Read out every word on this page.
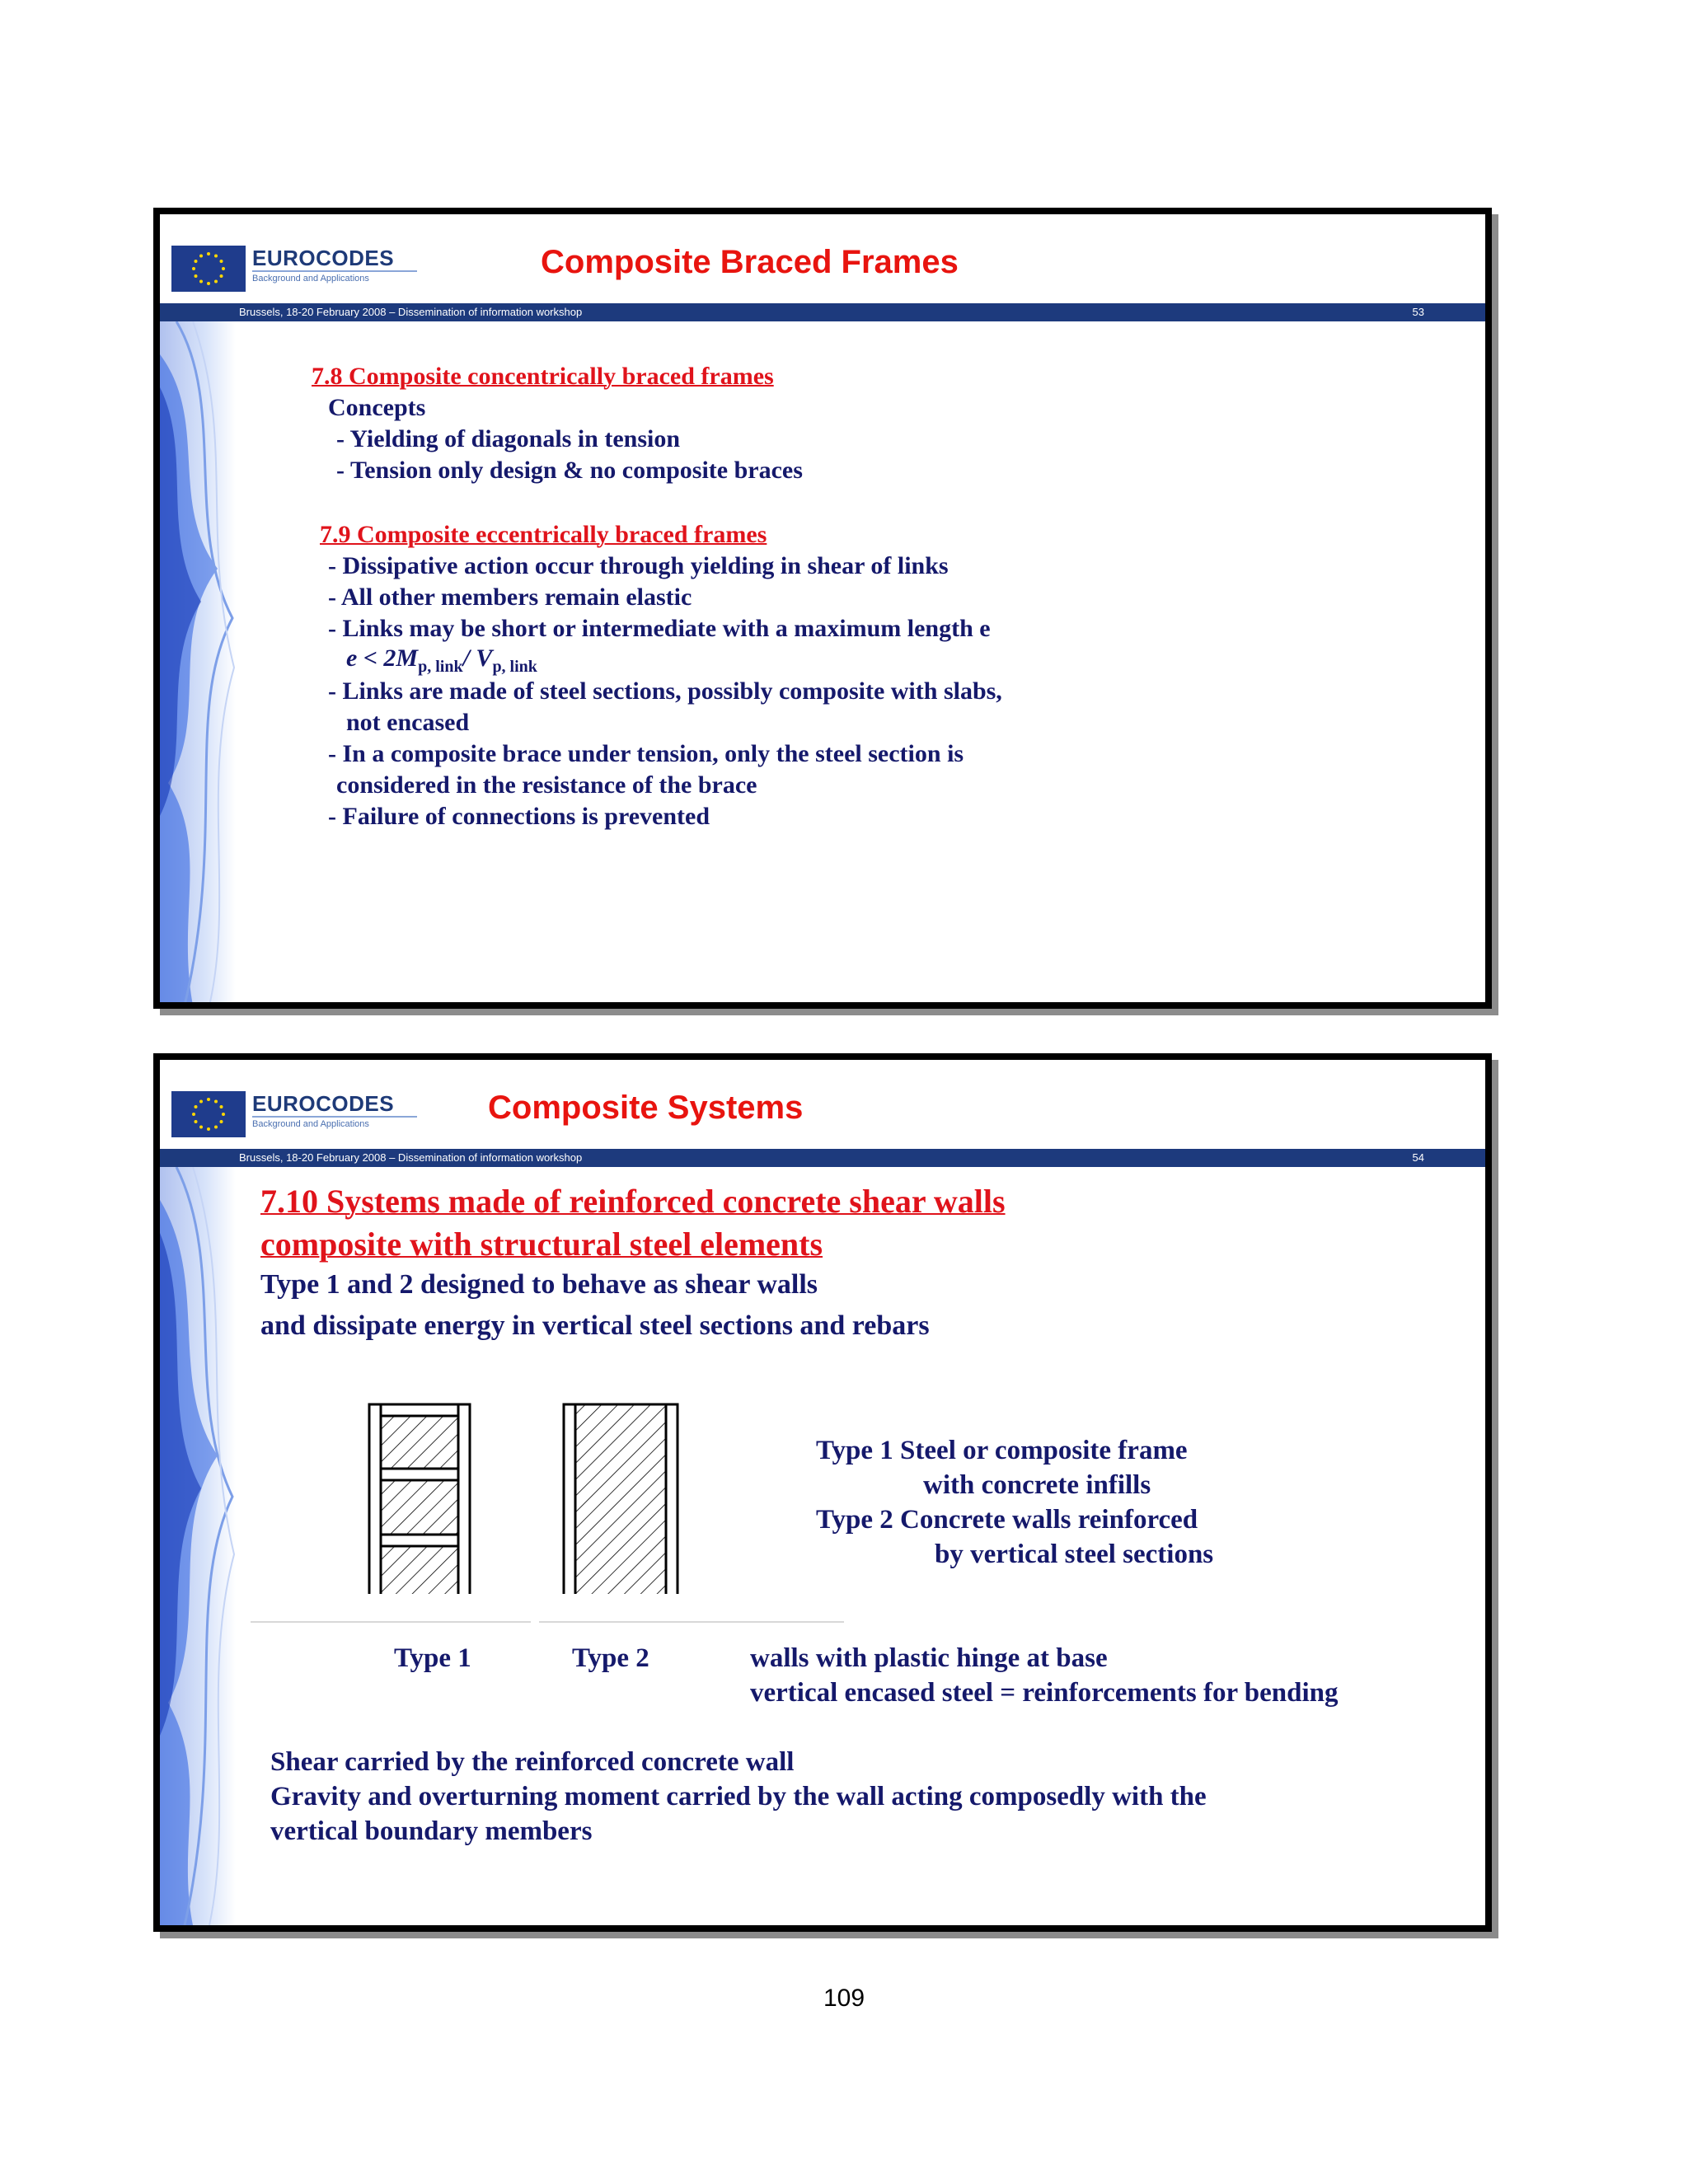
EUROCODES
Background and Applications	Composite Braced Frames
Brussels, 18-20 February 2008 – Dissemination of information workshop	53
7.8 Composite concentrically braced frames
Concepts
- Yielding of diagonals in tension
- Tension only design & no composite braces
7.9 Composite eccentrically braced frames
- Dissipative action occur through yielding in shear of links
- All other members remain elastic
- Links may be short or intermediate with a maximum length e
$e < 2M_{p, link}/$ $V_{p, link}$
- Links are made of steel sections, possibly composite with slabs,
not encased
- In a composite brace under tension, only the steel section is
considered in the resistance of the brace
- Failure of connections is prevented
EUROCODES
Background and Applications	Composite Systems
Brussels, 18-20 February 2008 – Dissemination of information workshop	54
7.10 Systems made of reinforced concrete shear walls
composite with structural steel elements
Type 1 and 2 designed to behave as shear walls
and dissipate energy in vertical steel sections and rebars
Type 1 Steel or composite frame
with concrete infills
Type 2 Concrete walls reinforced
by vertical steel sections
Type 1	Type 2	walls with plastic hinge at base
vertical encased steel = reinforcements for bending
Shear carried by the reinforced concrete wall
Gravity and overturning moment carried by the wall acting composedly with the
vertical boundary members
109
